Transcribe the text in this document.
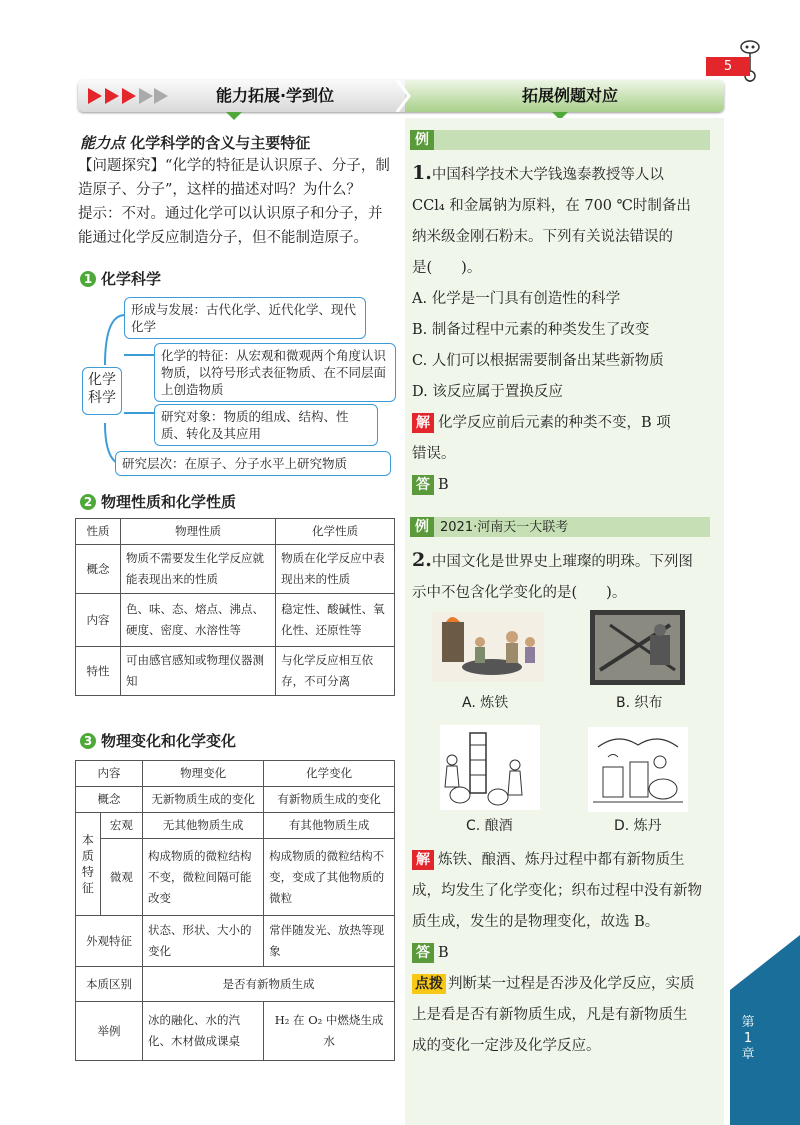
5
能力拓展·学到位	拓展例题对应
能力点 化学科学的含义与主要特征
【问题探究】“化学的特征是认识原子、分子，制
造原子、分子”，这样的描述对吗？为什么？
提示：不对。通过化学可以认识原子和分子，并
能通过化学反应制造分子，但不能制造原子。
1 化学科学
化学
科学
形成与发展：古代化学、近代化学、现代化学
化学的特征：从宏观和微观两个角度认识物质，以符号形式表征物质、在不同层面上创造物质
研究对象：物质的组成、结构、性质、转化及其应用
研究层次：在原子、分子水平上研究物质
2 物理性质和化学性质
性质	物理性质	化学性质
概念	物质不需要发生化学反应就能表现出来的性质	物质在化学反应中表现出来的性质
内容	色、味、态、熔点、沸点、硬度、密度、水溶性等	稳定性、酸碱性、氧化性、还原性等
特性	可由感官感知或物理仪器测知	与化学反应相互依存，不可分离
3 物理变化和化学变化
内容		物理变化	化学变化
概念		无新物质生成的变化	有新物质生成的变化
本质特征	宏观	无其他物质生成	有其他物质生成
	微观	构成物质的微粒结构不变，微粒间隔可能改变	构成物质的微粒结构不变，变成了其他物质的微粒
外观特征		状态、形状、大小的变化	常伴随发光、放热等现象
本质区别		是否有新物质生成	
举例		冰的融化、水的汽化、木材做成课桌	H₂ 在 O₂ 中燃烧生成水
例
1.中国科学技术大学钱逸泰教授等人以
CCl₄ 和金属钠为原料，在 700 ℃时制备出
纳米级金刚石粉末。下列有关说法错误的
是(　　)。
A. 化学是一门具有创造性的科学
B. 制备过程中元素的种类发生了改变
C. 人们可以根据需要制备出某些新物质
D. 该反应属于置换反应
解 化学反应前后元素的种类不变，B 项
错误。
答 B
例 2021·河南天一大联考
2.中国文化是世界史上璀璨的明珠。下列图
示中不包含化学变化的是(　　)。
A. 炼铁	B. 织布
C. 酿酒	D. 炼丹
解 炼铁、酿酒、炼丹过程中都有新物质生
成，均发生了化学变化；织布过程中没有新物
质生成，发生的是物理变化，故选 B。
答 B
点拨 判断某一过程是否涉及化学反应，实质
上是看是否有新物质生成，凡是有新物质生
成的变化一定涉及化学反应。
第1章
